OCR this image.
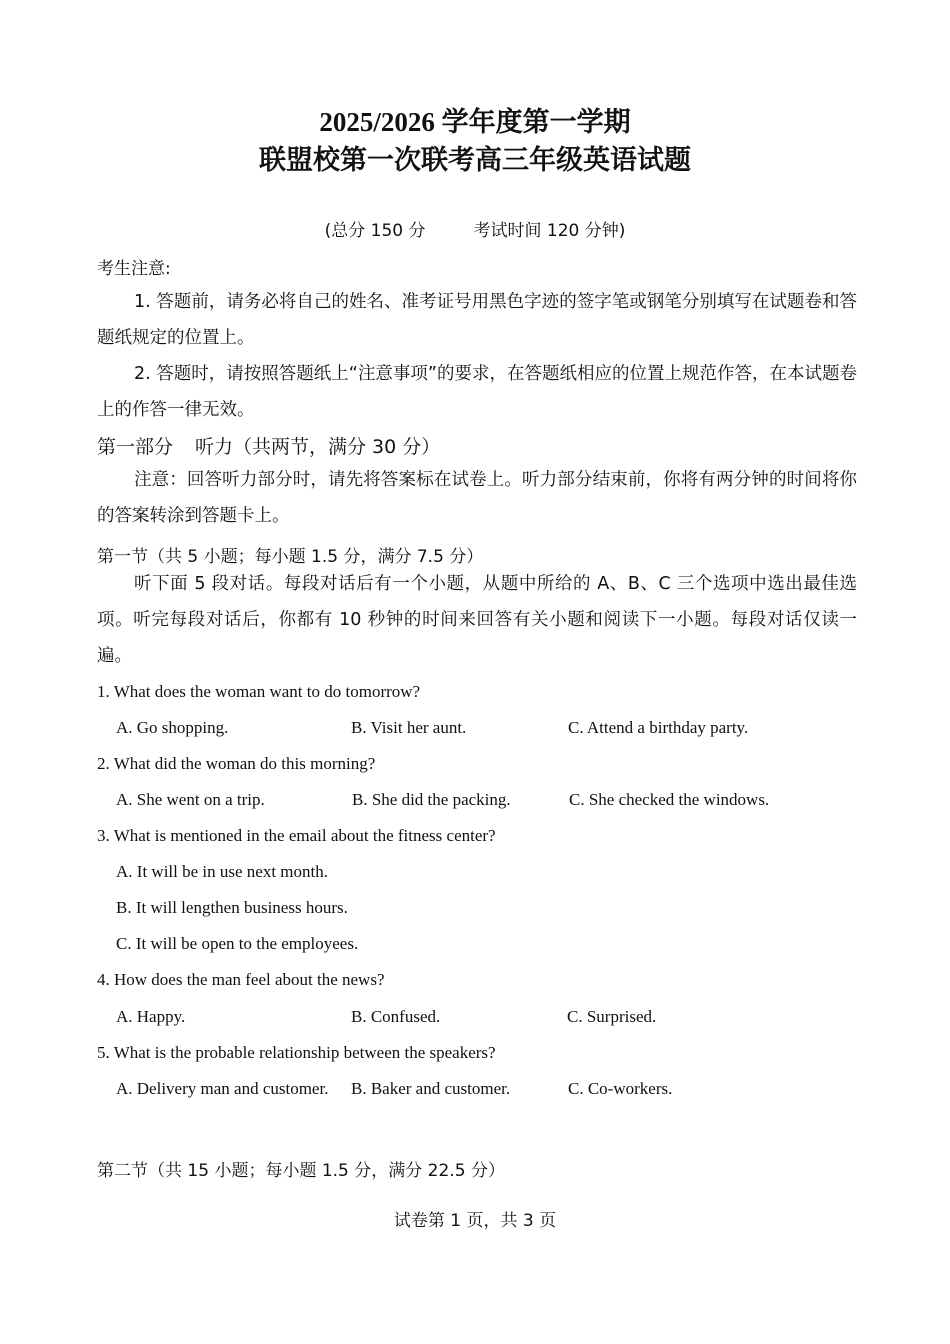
2025/2026 学年度第一学期
联盟校第一次联考高三年级英语试题
(总分 150 分	考试时间 120 分钟)
考生注意:
1. 答题前，请务必将自己的姓名、准考证号用黑色字迹的签字笔或钢笔分别填写在试题卷和答题纸规定的位置上。
2. 答题时，请按照答题纸上“注意事项”的要求，在答题纸相应的位置上规范作答，在本试题卷上的作答一律无效。
第一部分 听力（共两节，满分 30 分）
注意：回答听力部分时，请先将答案标在试卷上。听力部分结束前，你将有两分钟的时间将你的答案转涂到答题卡上。
第一节（共 5 小题；每小题 1.5 分，满分 7.5 分）
听下面 5 段对话。每段对话后有一个小题，从题中所给的 A、B、C 三个选项中选出最佳选项。听完每段对话后，你都有 10 秒钟的时间来回答有关小题和阅读下一小题。每段对话仅读一遍。
1. What does the woman want to do tomorrow?
A. Go shopping.	B. Visit her aunt.	C. Attend a birthday party.
2. What did the woman do this morning?
A. She went on a trip.	B. She did the packing.	C. She checked the windows.
3. What is mentioned in the email about the fitness center?
A. It will be in use next month.
B. It will lengthen business hours.
C. It will be open to the employees.
4. How does the man feel about the news?
A. Happy.	B. Confused.	C. Surprised.
5. What is the probable relationship between the speakers?
A. Delivery man and customer. B. Baker and customer.	C. Co-workers.
第二节（共 15 小题；每小题 1.5 分，满分 22.5 分）
试卷第 1 页，共 3 页
